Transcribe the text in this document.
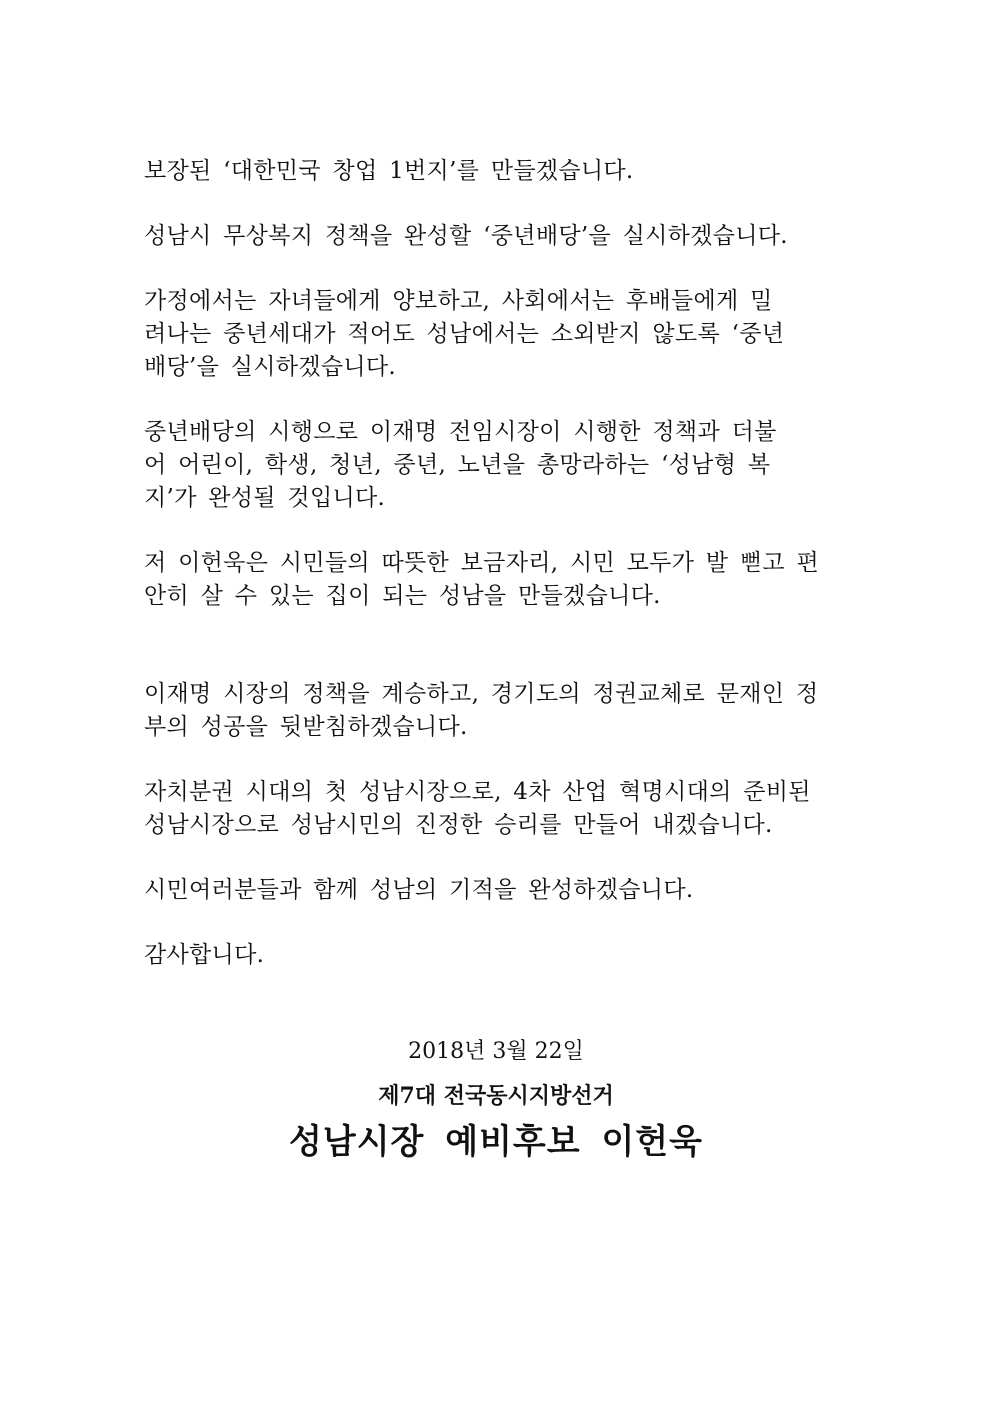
보장된 ‘대한민국 창업 1번지’를 만들겠습니다.

성남시 무상복지 정책을 완성할 ‘중년배당’을 실시하겠습니다.

가정에서는 자녀들에게 양보하고, 사회에서는 후배들에게 밀
려나는 중년세대가 적어도 성남에서는 소외받지 않도록 ‘중년
배당’을 실시하겠습니다.

중년배당의 시행으로 이재명 전임시장이 시행한 정책과 더불
어 어린이, 학생, 청년, 중년, 노년을 총망라하는 ‘성남형 복
지’가 완성될 것입니다.

저 이헌욱은 시민들의 따뜻한 보금자리, 시민 모두가 발 뻗고 편
안히 살 수 있는 집이 되는 성남을 만들겠습니다.

이재명 시장의 정책을 계승하고, 경기도의 정권교체로 문재인 정
부의 성공을 뒷받침하겠습니다.

자치분권 시대의 첫 성남시장으로, 4차 산업 혁명시대의 준비된
성남시장으로 성남시민의 진정한 승리를 만들어 내겠습니다.

시민여러분들과 함께 성남의 기적을 완성하겠습니다.

감사합니다.

2018년 3월 22일
제7대 전국동시지방선거
성남시장 예비후보 이헌욱
